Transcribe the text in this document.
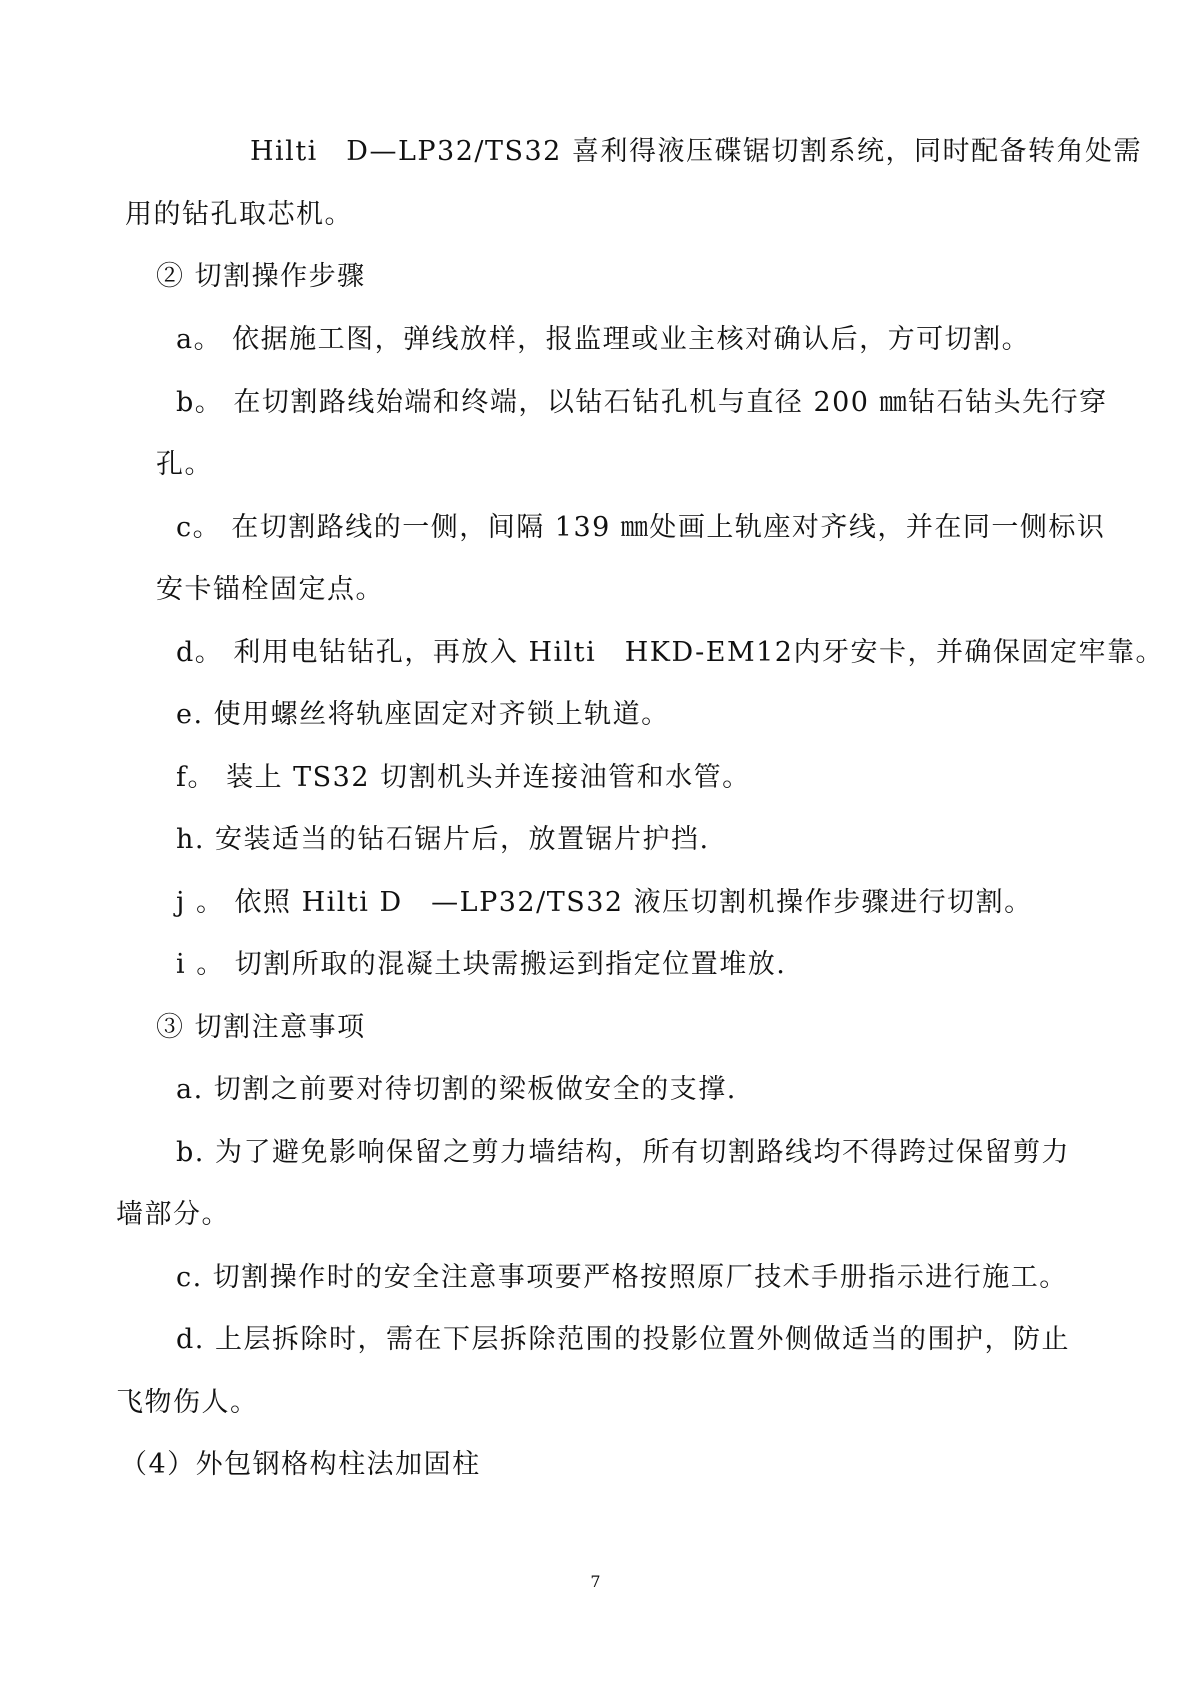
Hilti　D—LP32/TS32 喜利得液压碟锯切割系统，同时配备转角处需
用的钻孔取芯机。
② 切割操作步骤
a。 依据施工图，弹线放样，报监理或业主核对确认后，方可切割。
b。 在切割路线始端和终端，以钻石钻孔机与直径 200 ㎜钻石钻头先行穿
孔。
c。 在切割路线的一侧，间隔 139 ㎜处画上轨座对齐线，并在同一侧标识
安卡锚栓固定点。
d。 利用电钻钻孔，再放入 Hilti　HKD-EM12内牙安卡，并确保固定牢靠。
e. 使用螺丝将轨座固定对齐锁上轨道。
f。 装上 TS32 切割机头并连接油管和水管。
h. 安装适当的钻石锯片后，放置锯片护挡.
j 。 依照 Hilti D　—LP32/TS32 液压切割机操作步骤进行切割。
i 。 切割所取的混凝土块需搬运到指定位置堆放.
③ 切割注意事项
a. 切割之前要对待切割的梁板做安全的支撑.
b. 为了避免影响保留之剪力墙结构，所有切割路线均不得跨过保留剪力
墙部分。
c. 切割操作时的安全注意事项要严格按照原厂技术手册指示进行施工。
d. 上层拆除时，需在下层拆除范围的投影位置外侧做适当的围护，防止
飞物伤人。
（4）外包钢格构柱法加固柱
7
